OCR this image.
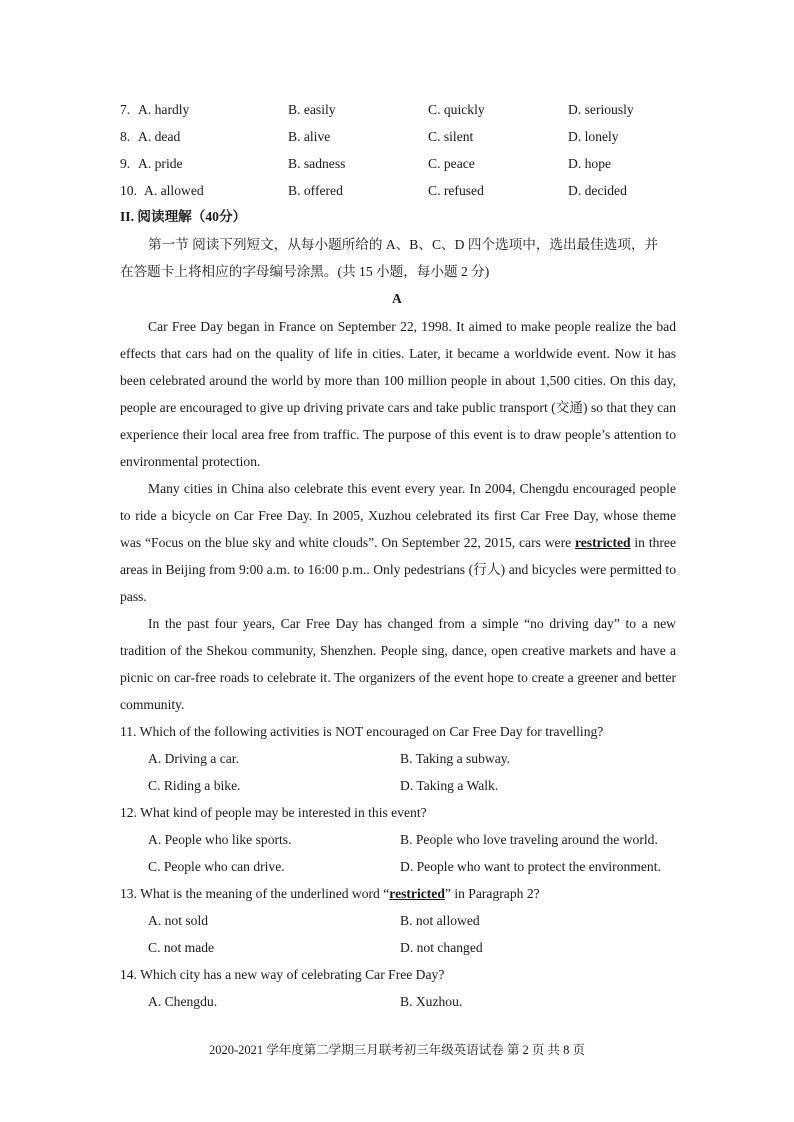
7. A. hardly	B. easily	C. quickly	D. seriously
8. A. dead	B. alive	C. silent	D. lonely
9. A. pride	B. sadness	C. peace	D. hope
10. A. allowed	B. offered	C. refused	D. decided
II. 阅读理解（40分）
第一节 阅读下列短文，从每小题所给的 A、B、C、D 四个选项中，选出最佳选项，并
在答题卡上将相应的字母编号涂黑。(共 15 小题，每小题 2 分)
A

Car Free Day began in France on September 22, 1998. It aimed to make people realize the bad effects that cars had on the quality of life in cities. Later, it became a worldwide event. Now it has been celebrated around the world by more than 100 million people in about 1,500 cities. On this day, people are encouraged to give up driving private cars and take public transport (交通) so that they can experience their local area free from traffic. The purpose of this event is to draw people’s attention to environmental protection.

Many cities in China also celebrate this event every year. In 2004, Chengdu encouraged people to ride a bicycle on Car Free Day. In 2005, Xuzhou celebrated its first Car Free Day, whose theme was “Focus on the blue sky and white clouds”. On September 22, 2015, cars were restricted in three areas in Beijing from 9:00 a.m. to 16:00 p.m.. Only pedestrians (行人) and bicycles were permitted to pass.

In the past four years, Car Free Day has changed from a simple “no driving day” to a new tradition of the Shekou community, Shenzhen. People sing, dance, open creative markets and have a picnic on car-free roads to celebrate it. The organizers of the event hope to create a greener and better community.

11. Which of the following activities is NOT encouraged on Car Free Day for travelling?
A. Driving a car.	B. Taking a subway.
C. Riding a bike.	D. Taking a Walk.
12. What kind of people may be interested in this event?
A. People who like sports.	B. People who love traveling around the world.
C. People who can drive.	D. People who want to protect the environment.
13. What is the meaning of the underlined word “restricted” in Paragraph 2?
A. not sold	B. not allowed
C. not made	D. not changed
14. Which city has a new way of celebrating Car Free Day?
A. Chengdu.	B. Xuzhou.
2020-2021 学年度第二学期三月联考初三年级英语试卷 第 2 页 共 8 页
